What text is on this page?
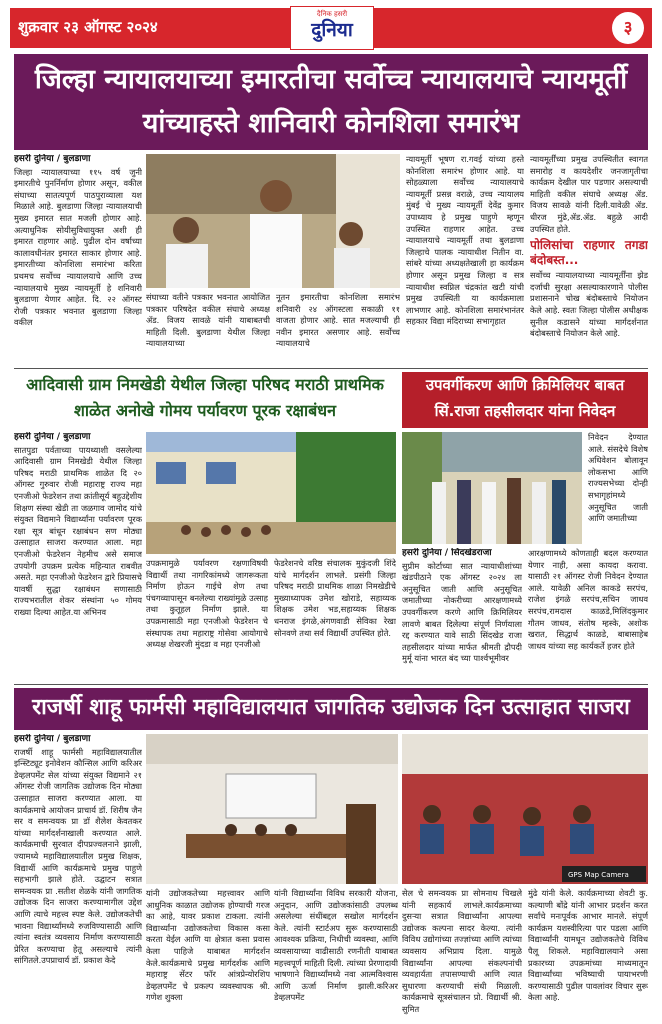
शुक्रवार २३ ऑगस्ट २०२४
दैनिक हसरी
दुनिया	३
जिल्हा न्यायालयाच्या इमारतीचा सर्वोच्च न्यायालयाचे न्यायमूर्ती यांच्याहस्ते शानिवारी कोनशिला समारंभ
हसरी दुनिया / बुलडाणा
जिल्हा न्यायालयाच्या ११५ वर्ष जुनी इमारतीचे पुनर्निर्माण होणार असून, वकील संघाच्या सातत्यपूर्ण पाठपुराव्याला यश मिळाले आहे. बुलडाणा जिल्हा न्यायालयाची मुख्य इमारत सात मजली होणार आहे. अत्याधुनिक सोयीसुविधायुक्त अशी ही इमारत राहणार आहे. पुढील दोन वर्षाच्या कालावधीनंतर इमारत साकार होणार आहे. इमारतीच्या कोनशिला समारंभा करिता प्रथमच सर्वोच्च न्यायालयाचे आणि उच्च न्यायालयाचे मुख्य न्यायमूर्ती हे शनिवारी बुलडाणा येणार आहेत. दि. २२ ऑगस्ट रोजी पत्रकार भवनात बुलडाणा जिल्हा वकील
संघाच्या वतीने पत्रकार भवनात आयोजित पत्रकार परिषदेत वकील संघाचे अध्यक्ष ॲड. विजय सावळे यांनी याबाबतची माहिती दिली. बुलडाणा येथील जिल्हा न्यायालयाच्या
नूतन इमारतीचा कोनशिला समारंभ शनिवारी २४ ऑगस्टला सकाळी ११ वाजता होणार आहे. सात मजल्याची ही नवीन इमारत असणार आहे. सर्वोच्च न्यायालयाचे
न्यायमूर्ती भूषण रा.गवई यांच्या हस्ते कोनशिला समारंभ होणार आहे. या सोहळ्याला सर्वोच्च न्यायालयाचे न्यायमूर्ती प्रसन्न वराळे, उच्च न्यायालय मुंबई चे मुख्य न्यायमूर्ती देवेंद्र कुमार उपाध्याय हे प्रमुख पाहुणे म्हणून उपस्थित राहणार आहेत. उच्च न्यायालयाचे न्यायमूर्ती तथा बुलडाणा जिल्हाचे पालक न्यायाधीश नितीन वा. सांबरे यांच्या अध्यक्षतेखाली हा कार्यक्रम होणार असून प्रमुख जिल्हा व सत्र न्यायाधीश स्वप्निल चंद्रकांत खटी यांची प्रमुख उपस्थिती या कार्यक्रमाला लाभणार आहे. कोनशिला समारंभानंतर सहकार विद्या मंदिराच्या सभागृहात
न्यायमूर्तींच्या प्रमुख उपस्थितीत स्वागत समारोह व कायदेशीर जनजागृतीचा कार्यक्रम देखील पार पडणार असल्याची माहिती वकील संघाचे अध्यक्ष ॲड. विजय सावळे यांनी दिली.यावेळी ॲड. धीरज मुंढे,ॲड.ॲड. बहुळे आदी उपस्थित होते.
पोलिसांचा राहणार तगडा बंदोबस्त...
सर्वोच्च न्यायालयाच्या न्यायमूर्तींना झेड दर्जाची सुरक्षा असल्याकारणाने पोलीस प्रशासनाने चोख बंदोबस्ताचे नियोजन केले आहे. स्वतः जिल्हा पोलीस अधीक्षक सुनील कडासने यांच्या मार्गदर्शनात बंदोबस्ताचे नियोजन केले आहे.
आदिवासी ग्राम निमखेडी येथील जिल्हा परिषद मराठी प्राथमिक शाळेत अनोखे गोमय पर्यावरण पूरक रक्षाबंधन
हसरी दुनिया / बुलडाणा
सातपुडा पर्वताच्या पायथ्याशी वसलेल्या आदिवासी ग्राम निमखेडी येथील जिल्हा परिषद मराठी प्राथमिक शाळेत दि २० ऑगस्ट गुरुवार रोजी महाराष्ट्र राज्य महा एनजीओ फेडरेशन तथा क्रांतीसूर्य बहुउद्देशीय शिक्षण संस्था खेडी ता जळगाव जामोद यांचे संयुक्त विद्यमाने विद्यार्थ्यांना पर्यावरण पूरक रक्षा सूत्र बांधून रक्षाबंधन सण मोठ्या उत्साहात साजरा करण्यात आला. महा एनजीओ फेडरेशन नेहमीच असे समाज उपयोगी उपक्रम प्रत्येक महिन्यात राबवीत असते. महा एनजीओ फेडरेशन द्वारे प्रियासचे यावर्षी सुद्धा रक्षाबंधन सणासाठी राज्यभरातील शेकर संस्थांना ५० गोमय राख्या दिल्या आहेत.या अभिनव
उपक्रमामुळे पर्यावरण रक्षणाविषयी विद्यार्थी तथा नागरिकांमध्ये जागरूकता निर्माण होऊन गाईचे शेण तथा पंचगव्यापासून बनलेल्या राख्यांमुळे उत्साह तथा कुतूहल निर्माण झाले. या उपक्रमासाठी महा एनजीओ फेडरेशन चे संस्थापक तथा महाराष्ट्र गोसेवा आयोगाचे अध्यक्ष शेखरजी मुंदडा व महा एनजीओ
फेडरेशनचे वरिष्ठ संचालक मुकुंदजी शिंदे यांचे मार्गदर्शन लाभले. प्रसंगी जिल्हा परिषद मराठी प्राथमिक शाळा निमखेडीचे मुख्याध्यापक उमेश खोराडे, सहाय्यक शिक्षक उमेश भड,सहाय्यक शिक्षक धनराज इंगळे,अंगणवाडी सेविका रेखा सोनवणे तथा सर्व विद्यार्थी उपस्थित होते.
उपवर्गीकरण आणि क्रिमिलियर बाबत सिं.राजा तहसीलदार यांना निवेदन
निवेदन देण्यात आले. संसदेचे विशेष अधिवेशन बोलावून लोकसभा आणि राज्यसभेच्या दोन्ही सभागृहांमध्ये अनुसूचित जाती आणि जमातीच्या
हसरी दुनिया / सिंदखेडराजा
सुप्रीम कोर्टाच्या सात न्यायाधीशांच्या खंडपीठाने एक ऑगस्ट २०२४ ला अनुसूचित जाती आणि अनुसूचित जमातीच्या नोकरीच्या आरक्षणामध्ये उपवर्गीकरण करणे आणि क्रिमिलियर लावणे बाबत दिलेल्या संपूर्ण निर्णयाला रद्द करण्यात यावे साठी सिंदखेड राजा तहसीलदार यांच्या मार्फत श्रीमती द्रौपदी मुर्मू यांना भारत बंद च्या पार्श्वभूमीवर
आरक्षणामध्ये कोणताही बदल करण्यात येणार नाही, असा कायदा करावा. यासाठी २१ ऑगस्ट रोजी निवेदन देण्यात आले. यावेळी अनिल काकडे सरपंच, राजेश इंगळे सरपंच,सचिन जाधव सरपंच,रामदास काळडे,मिलिंदकुमार गौतम जाधव, संतोष म्हस्के, अशोक खरात, सिद्धार्थ काळडे, बाबासाहेब जाधव यांच्या सह कार्यकर्ते हजर होते
राजर्षी शाहू फार्मसी महाविद्यालयात जागतिक उद्योजक दिन उत्साहात साजरा
हसरी दुनिया / बुलडाणा
राजर्षी शाहू फार्मसी महाविद्यालयातील इन्स्टिट्यूट इनोवेशन कौन्सिल आणि करिअर डेव्हलपमेंट सेल यांच्या संयुक्त विद्यमाने २१ ऑगस्ट रोजी जागतिक उद्योजक दिन मोठ्या उत्साहात साजरा करण्यात आला. या कार्यक्रमाचे आयोजन प्राचार्य डॉ. शिरीष जैन सर व समन्वयक प्रा डॉ शैलेश केवतकर यांच्या मार्गदर्शनाखाली करण्यात आले. कार्यक्रमाची सुरवात दीपप्रज्वलनाने झाली, ज्यामध्ये महाविद्यालयातील प्रमुख शिक्षक, विद्यार्थी आणि कार्यक्रमाचे प्रमुख पाहुणे सहभागी झाले होते. उद्घाटन सत्रात समन्वयक प्रा .सतीश शेळके यांनी जागतिक उद्योजक दिन साजरा करण्यामागील उद्देश आणि त्याचे महत्त्व स्पष्ट केले. उद्योजकतेची भावना विद्यार्थ्यांमध्ये रुजविण्यासाठी आणि त्यांना स्वतंत्र व्यवसाय निर्माण करण्यासाठी प्रेरित करण्याचा हेतू असल्याचे त्यांनी सांगितले.उपप्राचार्य डॉ. प्रकाश केदे
GPS Map Camera
यांनी उद्योजकतेच्या महत्त्वावर आणि आधुनिक काळात उद्योजक होण्याची गरज का आहे, यावर प्रकाश टाकला. त्यांनी विद्यार्थ्यांना उद्योजकतेचा विकास कसा करता येईल आणि या क्षेत्रात कसा प्रवास केला पाहिजे याबाबत मार्गदर्शन केले.कार्यक्रमाचे प्रमुख मार्गदर्शक आणि महाराष्ट्र सेंटर फॉर आंत्रप्रेन्योरशिप डेव्हलपमेंट चे प्रकल्प व्यवस्थापक श्री. गणेश शुक्ला
यांनी विद्यार्थ्यांना विविध सरकारी योजना, अनुदान, आणि उद्योजकांसाठी उपलब्ध असलेल्या संधींबद्दल सखोल मार्गदर्शन केले. त्यांनी स्टार्टअप सुरू करण्यासाठी आवश्यक प्रक्रिया, निधीची व्यवस्था, आणि व्यवसायाच्या वाढीसाठी रणनीती याबाबत महत्त्वपूर्ण माहिती दिली. त्यांच्या प्रेरणादायी भाषणाने विद्यार्थ्यांमध्ये नवा आत्मविश्वास आणि ऊर्जा निर्माण झाली.करिअर डेव्हलपमेंट
सेल चे समन्वयक प्रा सोमनाथ चिखले यांनी सहकार्य लाभले.कार्यक्रमाच्या दुसऱ्या सत्रात विद्यार्थ्यांना आपल्या उद्योजक कल्पना सादर केल्या. त्यांनी विविध उद्योगांच्या तज्ज्ञांच्या आणि त्यांच्या व्यवसाय अभिप्राय दिला. यामुळे विद्यार्थ्यांना आपल्या संकल्पनांची व्यवहार्यता तपासण्याची आणि त्यात सुधारणा करण्याची संधी मिळाली. कार्यक्रमाचे सूत्रसंचालन प्रो. विद्यार्थी श्री. सुमित
मुंढे यांनी केले. कार्यक्रमाच्या शेवटी कु. कल्याणी बोंद्रे यांनी आभार प्रदर्शन करत सर्वांचे मनःपूर्वक आभार मानले. संपूर्ण कार्यक्रम यशस्वीरित्या पार पडला आणि विद्यार्थ्यांनी यामधून उद्योजकतेचे विविध पैलू शिकले. महाविद्यालयाने असा प्रकारच्या उपक्रमांच्या माध्यमातून विद्यार्थ्यांच्या भविष्याची पायाभरणी करण्यासाठी पुढील पावलांवर विचार सुरू केला आहे.
